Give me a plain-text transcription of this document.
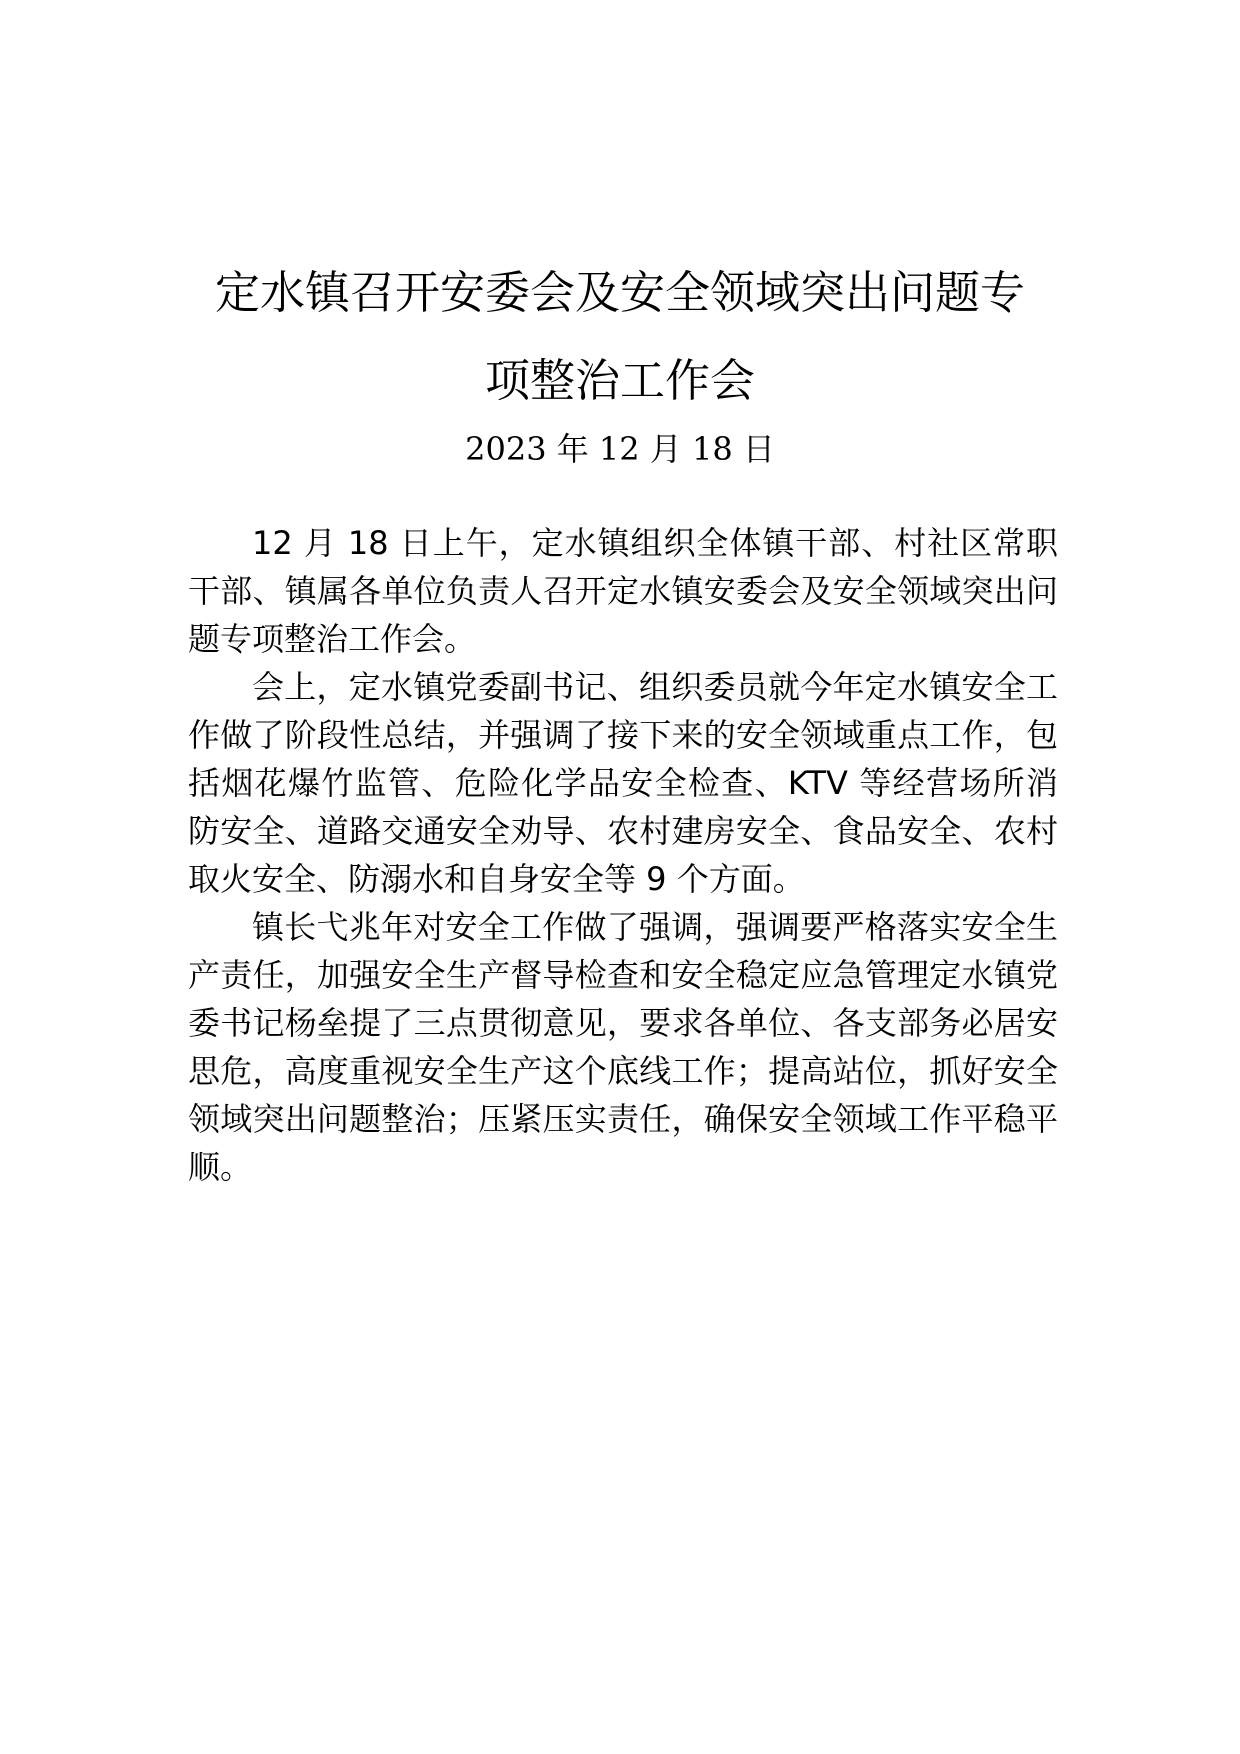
定水镇召开安委会及安全领域突出问题专
项整治工作会
2023 年 12 月 18 日

12 月 18 日上午，定水镇组织全体镇干部、村社区常职干部、镇属各单位负责人召开定水镇安委会及安全领域突出问题专项整治工作会。

会上，定水镇党委副书记、组织委员就今年定水镇安全工作做了阶段性总结，并强调了接下来的安全领域重点工作，包括烟花爆竹监管、危险化学品安全检查、KTV 等经营场所消防安全、道路交通安全劝导、农村建房安全、食品安全、农村取火安全、防溺水和自身安全等 9 个方面。

镇长弋兆年对安全工作做了强调，强调要严格落实安全生产责任，加强安全生产督导检查和安全稳定应急管理定水镇党委书记杨垒提了三点贯彻意见，要求各单位、各支部务必居安思危，高度重视安全生产这个底线工作；提高站位，抓好安全领域突出问题整治；压紧压实责任，确保安全领域工作平稳平顺。
